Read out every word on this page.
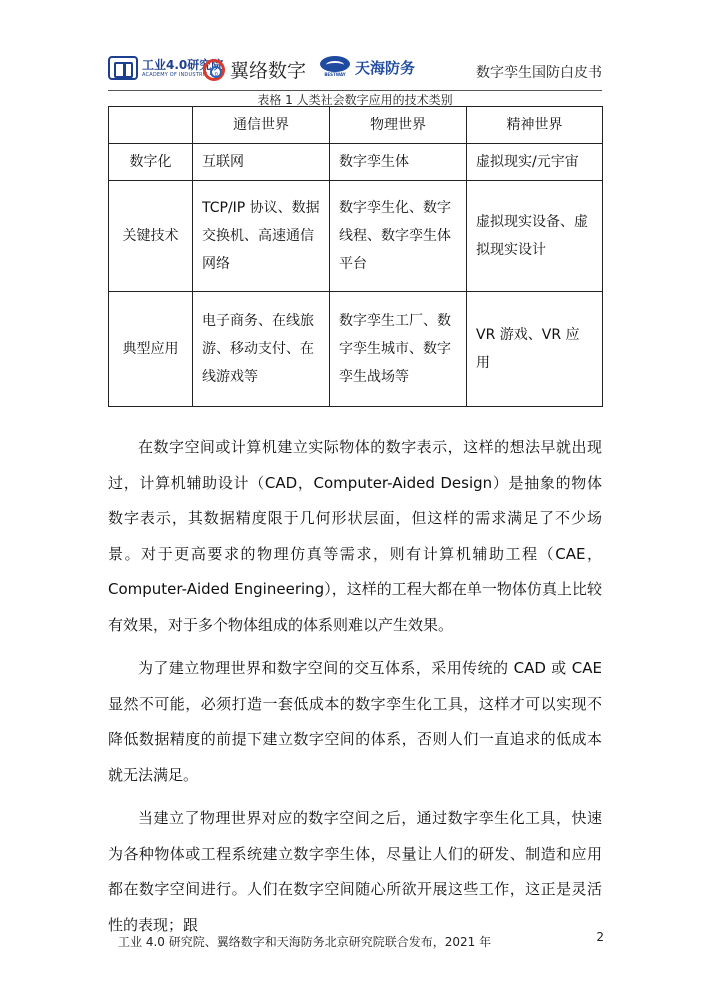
工业4.0研究院
ACADEMY OF INDUSTRIE 4.0 翼络数字	BESTWAY 天海防务	数字孪生国防白皮书
表格 1 人类社会数字应用的技术类别
	通信世界	物理世界	精神世界
数字化	互联网	数字孪生体	虚拟现实/元宇宙
关键技术	TCP/IP 协议、数据交换机、高速通信网络	数字孪生化、数字线程、数字孪生体平台	虚拟现实设备、虚拟现实设计
典型应用	电子商务、在线旅游、移动支付、在线游戏等	数字孪生工厂、数字孪生城市、数字孪生战场等	VR 游戏、VR 应用

在数字空间或计算机建立实际物体的数字表示，这样的想法早就出现过，计算机辅助设计（CAD，Computer-Aided Design）是抽象的物体数字表示，其数据精度限于几何形状层面，但这样的需求满足了不少场景。对于更高要求的物理仿真等需求，则有计算机辅助工程（CAE，Computer-Aided Engineering），这样的工程大都在单一物体仿真上比较有效果，对于多个物体组成的体系则难以产生效果。

为了建立物理世界和数字空间的交互体系，采用传统的 CAD 或 CAE 显然不可能，必须打造一套低成本的数字孪生化工具，这样才可以实现不降低数据精度的前提下建立数字空间的体系，否则人们一直追求的低成本就无法满足。

当建立了物理世界对应的数字空间之后，通过数字孪生化工具，快速为各种物体或工程系统建立数字孪生体，尽量让人们的研发、制造和应用都在数字空间进行。人们在数字空间随心所欲开展这些工作，这正是灵活性的表现；跟

工业 4.0 研究院、翼络数字和天海防务北京研究院联合发布，2021 年	2
